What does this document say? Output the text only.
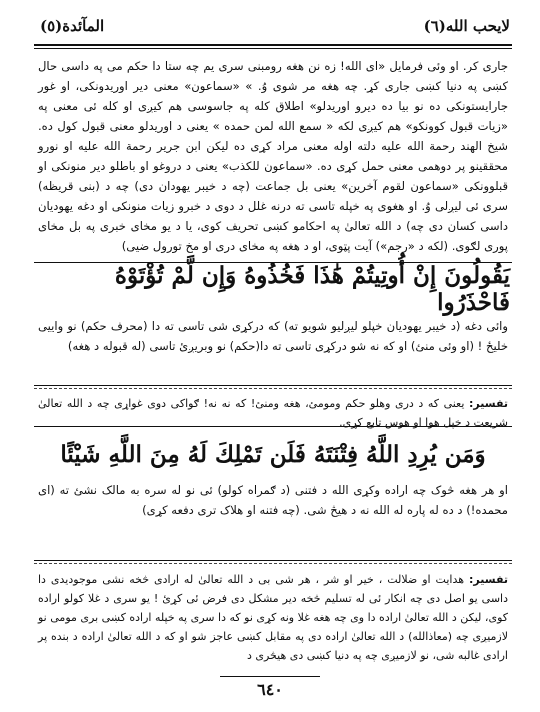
لايحب الله(٦)
المآئدة(٥)
جاری کر. او وئی فرمایل «ای الله! زه نن هغه رومبنی سری یم چه ستا دا حکم می په داسی حال کښی په دنیا کښی جاری کړ. چه هغه مر شوی وُ. » «سماعون» معنی دیر اوریدونکی، او غور جارایستونکی ده نو بیا ده دیرو اوریدلو» اطلاق کله په جاسوسی هم کیږی او کله ئی معنی په «زیات قبول کوونکو» هم کیږی لکه « سمع الله لمن حمده » یعنی د اوریدلو معنی قبول کول ده. شیخ الهند رحمة الله علیه دلته اوله معنی مراد کړی ده لیکن ابن جریر رحمة الله علیه او نورو محققینو پر دوهمی معنی حمل کړی ده. «سماعون للکذب» یعنی د دروغو او باطلو دیر منونکی او قبلوونکی «سماعون لقوم آخرین» یعنی بل جماعت (چه د خیبر یهودان دی) چه د (بنی قریظه) سری ئی لیږلی وُ. او هغوی په خپله تاسی ته درنه غلل د دوی د خبرو زیات منونکی او دغه یهودیان داسی کسان دی چه) د الله تعالیٰ په احکامو کښی تحریف کوی، یا د یو مخای خبری په بل مخای پوری لګوی. (لکه د «رجم») آیت پټوی، او د هغه په مخای دری او مخ تورول ضیی)
يَقُولُونَ إِنْ أُوتِيتُمْ هَٰذَا فَخُذُوهُ وَإِن لَّمْ تُؤْتَوْهُ فَاحْذَرُوا
وائی دغه (د خیبر یهودیان خپلو لیږلیو شویو ته) که درکړی شی تاسی ته دا (محرف حکم) نو واییی خلیځ ! (او وئی منئ) او که نه شو درکړی تاسی ته دا(حکم) نو وبریږئ تاسی (له قبوله د هغه)
تفسیر: یعنی که د دری وهلو حکم ومومئ، هغه ومنئ! که نه نه! ګواکی دوی غواړی چه د الله تعالیٰ شریعت د خپل هوا او هوس تابع کړی.
وَمَن يُرِدِ اللَّهُ فِتْنَتَهُ فَلَن تَمْلِكَ لَهُ مِنَ اللَّهِ شَيْئًا
او هر هغه څوک چه اراده وکړی الله د فتنی (د ګمراه کولو) ئی نو له سره به مالک نشئ ته (ای محمده!) د ده له پاره له الله نه د هیڅ شی. (چه فتنه او هلاک تری دفعه کړی)
تفسیر: هدایت او ضلالت ، خیر او شر ، هر شی بی د الله تعالیٰ له ارادی څخه نشی موجودیدی دا داسی یو اصل دی چه انکار ئی له تسلیم څخه دیر مشکل دی فرض ئی کړئ ! یو سری د غلا کولو اراده کوی، لیکن د الله تعالیٰ اراده دا وی چه هغه غلا ونه کړی نو که دا سری په خپله اراده کښی بری مومی نو لازمیږی چه (معاذالله) د الله تعالیٰ اراده دی په مقابل کښی عاجز شو او که د الله تعالیٰ اراده د بنده پر ارادی غالبه شی، نو لازمیږی چه په دنیا کښی دی هیڅری د
٦٤٠
